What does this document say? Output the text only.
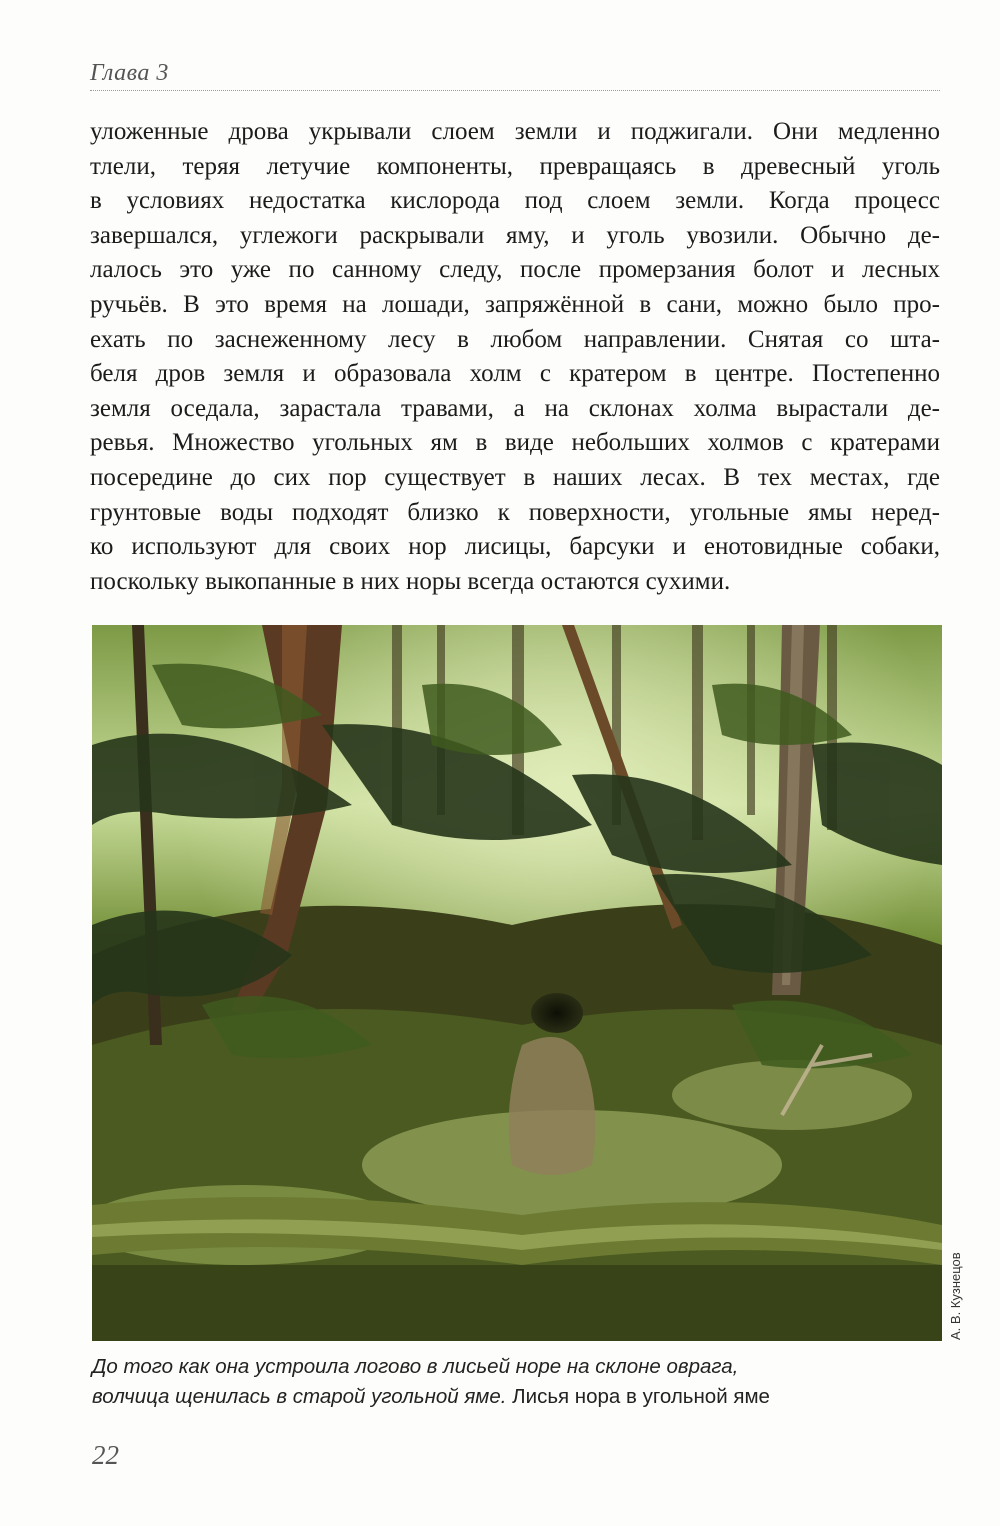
Глава 3
уложенные дрова укрывали слоем земли и поджигали. Они медленно
тлели, теряя летучие компоненты, превращаясь в древесный уголь
в условиях недостатка кислорода под слоем земли. Когда процесс
завершался, углежоги раскрывали яму, и уголь увозили. Обычно де-
лалось это уже по санному следу, после промерзания болот и лесных
ручьёв. В это время на лошади, запряжённой в сани, можно было про-
ехать по заснеженному лесу в любом направлении. Снятая со шта-
беля дров земля и образовала холм с кратером в центре. Постепенно
земля оседала, зарастала травами, а на склонах холма вырастали де-
ревья. Множество угольных ям в виде небольших холмов с кратерами
посередине до сих пор существует в наших лесах. В тех местах, где
грунтовые воды подходят близко к поверхности, угольные ямы неред-
ко используют для своих нор лисицы, барсуки и енотовидные собаки,
поскольку выкопанные в них норы всегда остаются сухими.
А. В. Кузнецов
До того как она устроила логово в лисьей норе на склоне оврага,
волчица щенилась в старой угольной яме. Лисья нора в угольной яме
22
